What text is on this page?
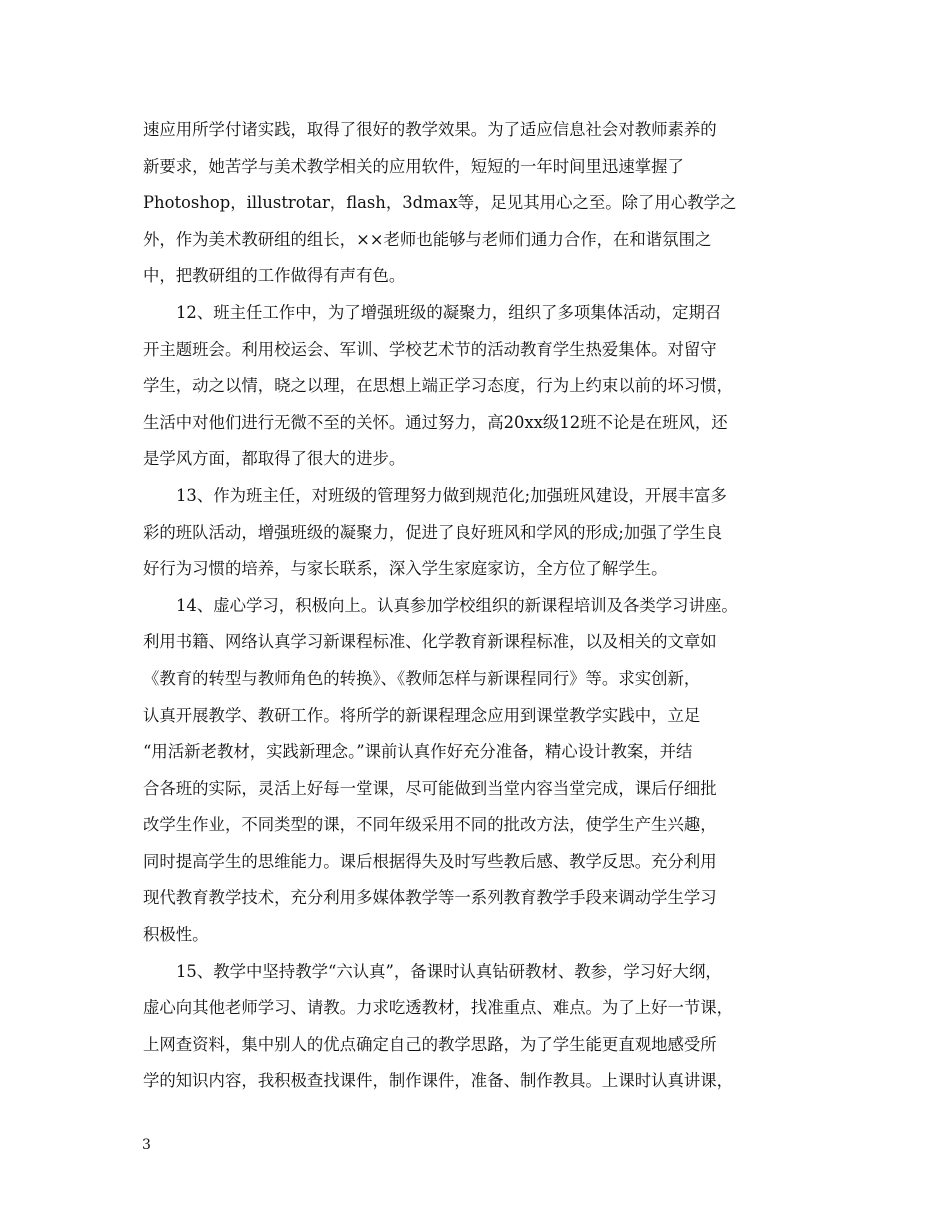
速应用所学付诸实践，取得了很好的教学效果。为了适应信息社会对教师素养的
新要求，她苦学与美术教学相关的应用软件，短短的一年时间里迅速掌握了
Photoshop，illustrotar，flash，3dmax等，足见其用心之至。除了用心教学之
外，作为美术教研组的组长，××老师也能够与老师们通力合作，在和谐氛围之
中，把教研组的工作做得有声有色。
12、班主任工作中，为了增强班级的凝聚力，组织了多项集体活动，定期召
开主题班会。利用校运会、军训、学校艺术节的活动教育学生热爱集体。对留守
学生，动之以情，晓之以理，在思想上端正学习态度，行为上约束以前的坏习惯，
生活中对他们进行无微不至的关怀。通过努力，高20xx级12班不论是在班风，还
是学风方面，都取得了很大的进步。
13、作为班主任，对班级的管理努力做到规范化;加强班风建设，开展丰富多
彩的班队活动，增强班级的凝聚力，促进了良好班风和学风的形成;加强了学生良
好行为习惯的培养，与家长联系，深入学生家庭家访，全方位了解学生。
14、虚心学习，积极向上。认真参加学校组织的新课程培训及各类学习讲座。
利用书籍、网络认真学习新课程标准、化学教育新课程标准，以及相关的文章如
《教育的转型与教师角色的转换》、《教师怎样与新课程同行》等。求实创新，
认真开展教学、教研工作。将所学的新课程理念应用到课堂教学实践中，立足
“用活新老教材，实践新理念。”课前认真作好充分准备，精心设计教案，并结
合各班的实际，灵活上好每一堂课，尽可能做到当堂内容当堂完成，课后仔细批
改学生作业，不同类型的课，不同年级采用不同的批改方法，使学生产生兴趣，
同时提高学生的思维能力。课后根据得失及时写些教后感、教学反思。充分利用
现代教育教学技术，充分利用多媒体教学等一系列教育教学手段来调动学生学习
积极性。
15、教学中坚持教学“六认真”，备课时认真钻研教材、教参，学习好大纲，
虚心向其他老师学习、请教。力求吃透教材，找准重点、难点。为了上好一节课，
上网查资料，集中别人的优点确定自己的教学思路，为了学生能更直观地感受所
学的知识内容，我积极查找课件，制作课件，准备、制作教具。上课时认真讲课，
3
